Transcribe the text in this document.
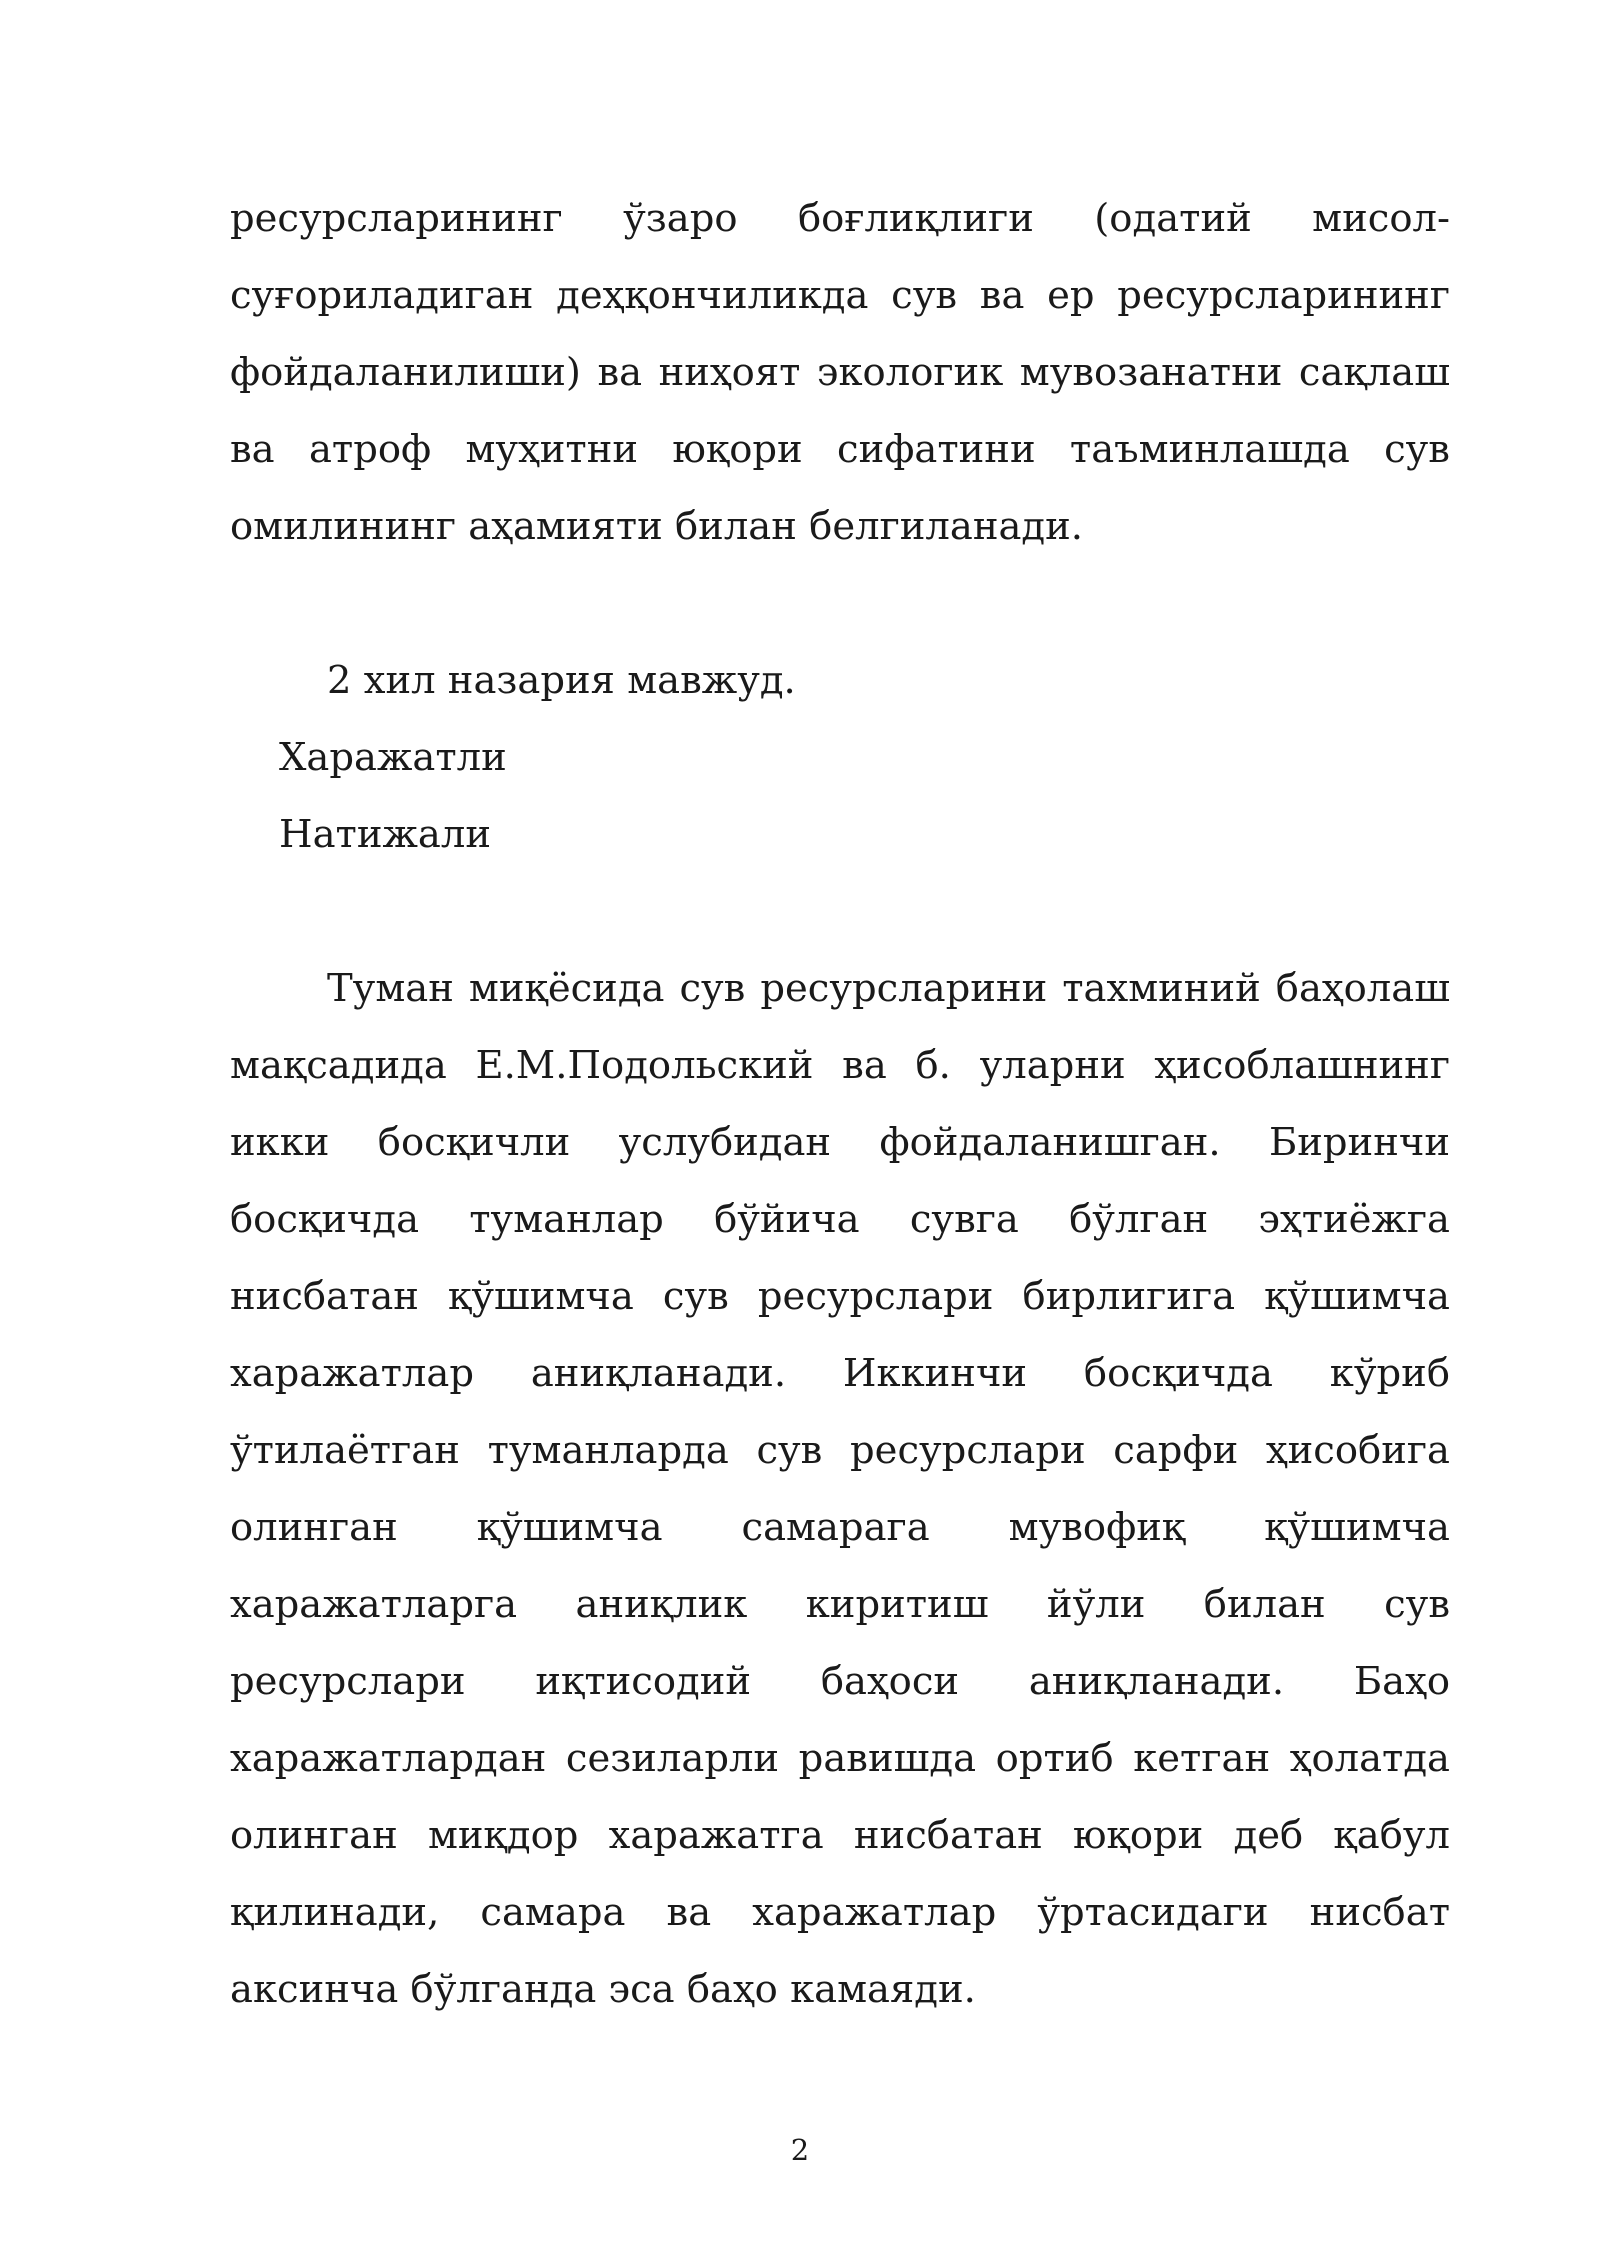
ресурсларининг ўзаро боғлиқлиги (одатий мисол- суғориладиган деҳқончиликда сув ва ер ресурсларининг фойдаланилиши) ва ниҳоят экологик мувозанатни сақлаш ва атроф муҳитни юқори сифатини таъминлашда сув омилининг аҳамияти билан белгиланади.

2 хил назария мавжуд.
Харажатли
Натижали

Туман миқёсида сув ресурсларини тахминий баҳолаш мақсадида Е.М.Подольский ва б. уларни ҳисоблашнинг икки босқичли услубидан фойдаланишган. Биринчи босқичда туманлар бўйича сувга бўлган эҳтиёжга нисбатан қўшимча сув ресурслари бирлигига қўшимча харажатлар аниқланади. Иккинчи босқичда кўриб ўтилаётган туманларда сув ресурслари сарфи ҳисобига олинган қўшимча самарага мувофиқ қўшимча харажатларга аниқлик киритиш йўли билан сув ресурслари иқтисодий баҳоси аниқланади. Баҳо харажатлардан сезиларли равишда ортиб кетган ҳолатда олинган миқдор харажатга нисбатан юқори деб қабул қилинади, самара ва харажатлар ўртасидаги нисбат аксинча бўлганда эса баҳо камаяди.

2
